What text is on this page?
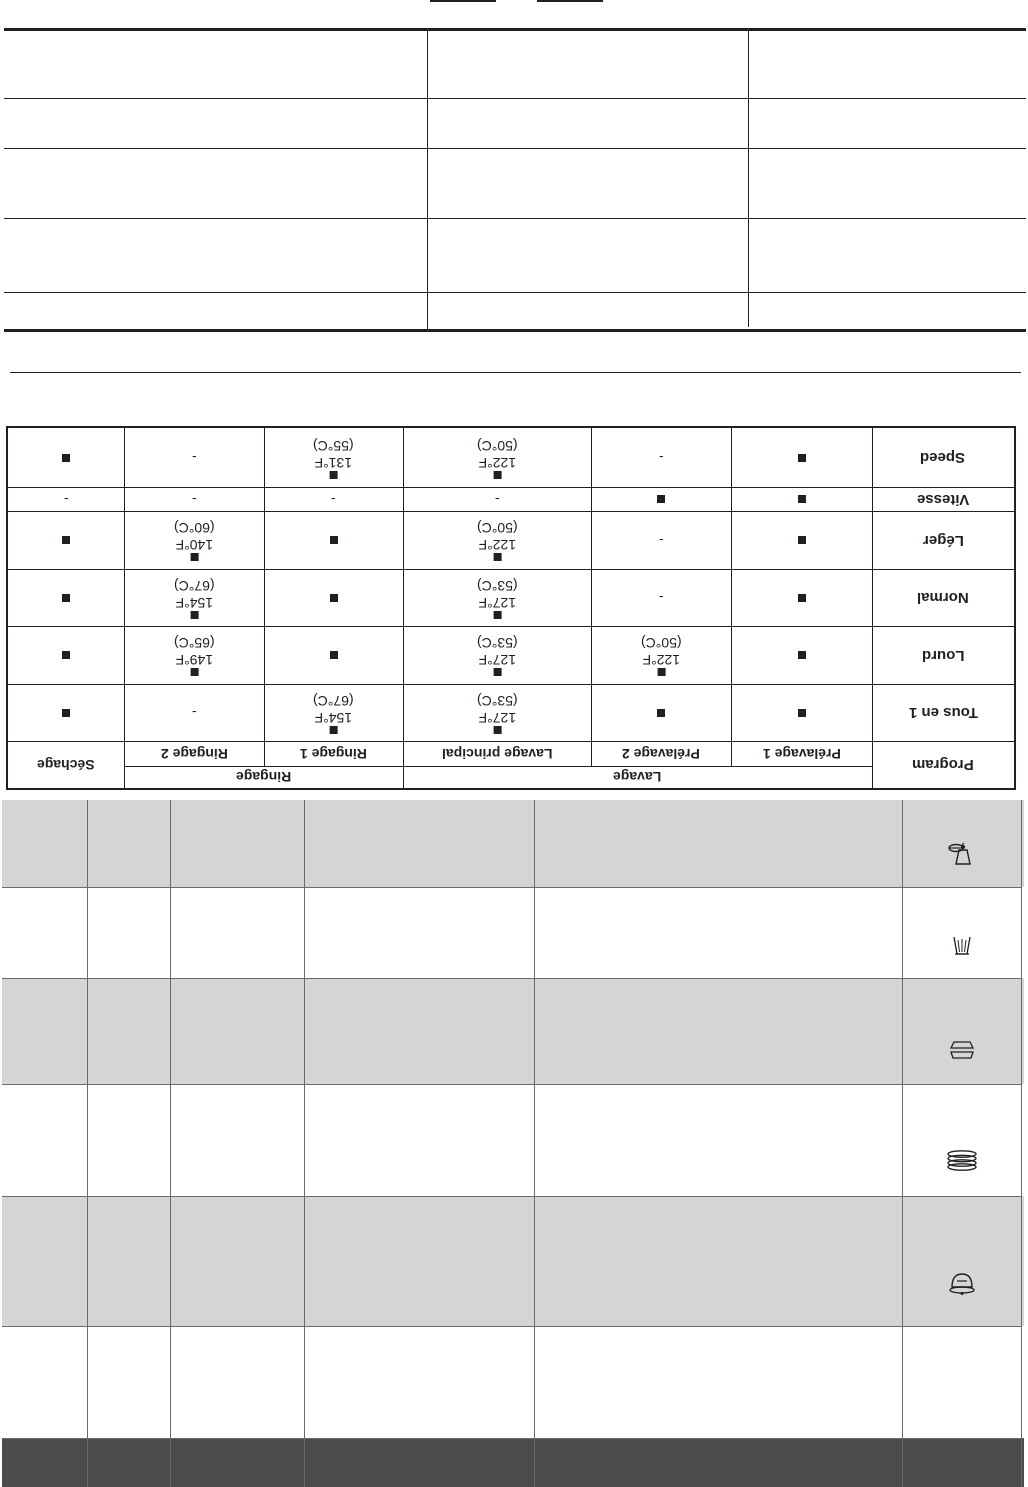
Tous en 1
127°F
(53°C)
154°F
(67°C)
-
Lourd
122°F
(50°C)
127°F
(53°C)
149°F
(65°C)
Normal
-
127°F
(53°C)
154°F
(67°C)
Léger
-
122°F
(50°C)
140°F
(60°C)
Vitesse
-
-
-
-
Speed
-
122°F
(50°C)
131°F
(55°C)
-
Prélavage 1
Prélavage 2
Lavage principal
Ringage 1
Ringage 2
Séchage	Program
Lavage
Ringage
